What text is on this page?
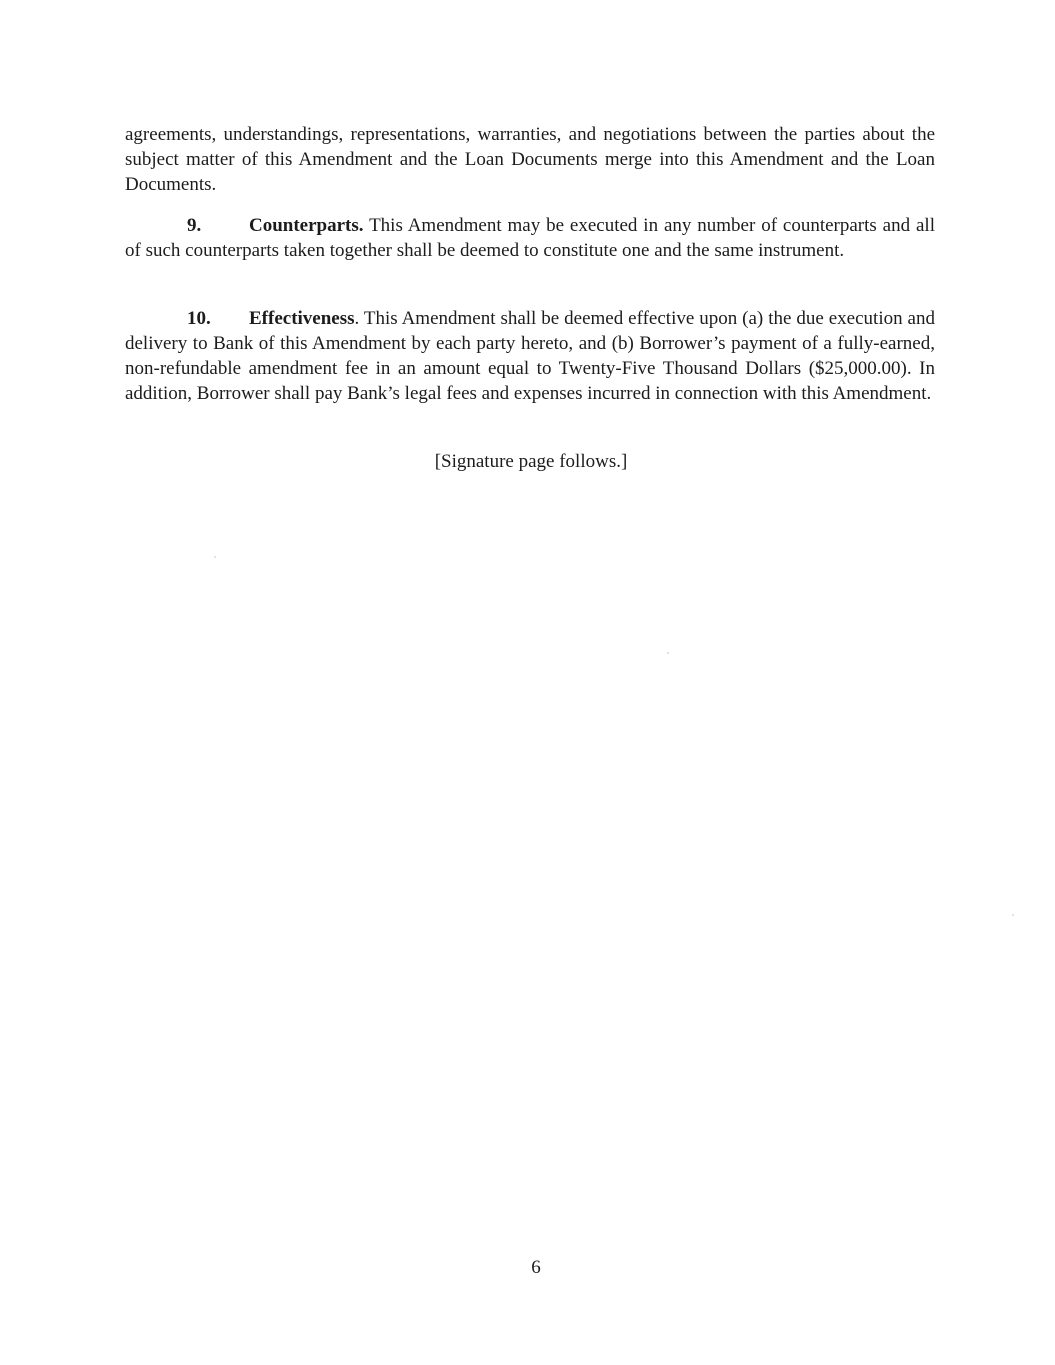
agreements, understandings, representations, warranties, and negotiations between the parties about the subject matter of this Amendment and the Loan Documents merge into this Amendment and the Loan Documents.

9.	Counterparts. This Amendment may be executed in any number of counterparts and all of such counterparts taken together shall be deemed to constitute one and the same instrument.

10. Effectiveness. This Amendment shall be deemed effective upon (a) the due execution and delivery to Bank of this Amendment by each party hereto, and (b) Borrower’s payment of a fully-earned, non-refundable amendment fee in an amount equal to Twenty-Five Thousand Dollars ($25,000.00). In addition, Borrower shall pay Bank’s legal fees and expenses incurred in connection with this Amendment.

[Signature page follows.]

6
